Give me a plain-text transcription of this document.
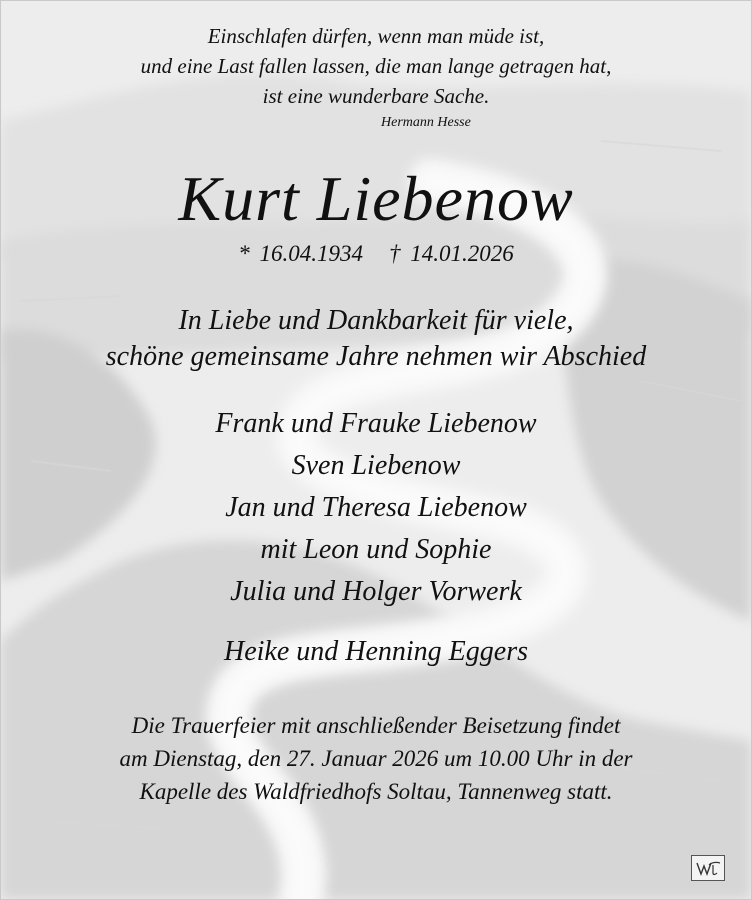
Einschlafen dürfen, wenn man müde ist,
und eine Last fallen lassen, die man lange getragen hat,
ist eine wunderbare Sache.
Hermann Hesse
Kurt Liebenow
* 16.04.1934 † 14.01.2026
In Liebe und Dankbarkeit für viele,
schöne gemeinsame Jahre nehmen wir Abschied
Frank und Frauke Liebenow
Sven Liebenow
Jan und Theresa Liebenow
mit Leon und Sophie
Julia und Holger Vorwerk
Heike und Henning Eggers
Die Trauerfeier mit anschließender Beisetzung findet
am Dienstag, den 27. Januar 2026 um 10.00 Uhr in der
Kapelle des Waldfriedhofs Soltau, Tannenweg statt.
